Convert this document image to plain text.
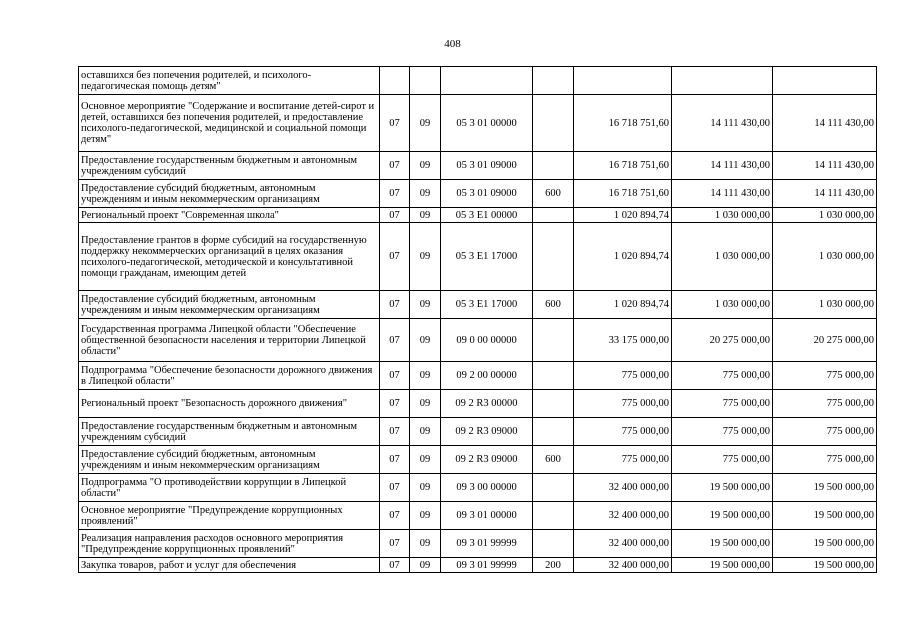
408
оставшихся без попечения родителей, и психолого-педагогическая помощь детям"							
Основное мероприятие "Содержание и воспитание детей-сирот и детей, оставшихся без попечения родителей, и предоставление психолого-педагогической, медицинской и социальной помощи детям"	07	09	05 3 01 00000		16 718 751,60	14 111 430,00	14 111 430,00
Предоставление государственным бюджетным и автономным учреждениям субсидий	07	09	05 3 01 09000		16 718 751,60	14 111 430,00	14 111 430,00
Предоставление субсидий бюджетным, автономным учреждениям и иным некоммерческим организациям	07	09	05 3 01 09000	600	16 718 751,60	14 111 430,00	14 111 430,00
Региональный проект "Современная школа"	07	09	05 3 E1 00000		1 020 894,74	1 030 000,00	1 030 000,00
Предоставление грантов в форме субсидий на государственную поддержку некоммерческих организаций в целях оказания психолого-педагогической, методической и консультативной помощи гражданам, имеющим детей	07	09	05 3 E1 17000		1 020 894,74	1 030 000,00	1 030 000,00
Предоставление субсидий бюджетным, автономным учреждениям и иным некоммерческим организациям	07	09	05 3 E1 17000	600	1 020 894,74	1 030 000,00	1 030 000,00
Государственная программа Липецкой области "Обеспечение общественной безопасности населения и территории Липецкой области"	07	09	09 0 00 00000		33 175 000,00	20 275 000,00	20 275 000,00
Подпрограмма "Обеспечение безопасности дорожного движения в Липецкой области"	07	09	09 2 00 00000		775 000,00	775 000,00	775 000,00
Региональный проект "Безопасность дорожного движения"	07	09	09 2 R3 00000		775 000,00	775 000,00	775 000,00
Предоставление государственным бюджетным и автономным учреждениям субсидий	07	09	09 2 R3 09000		775 000,00	775 000,00	775 000,00
Предоставление субсидий бюджетным, автономным учреждениям и иным некоммерческим организациям	07	09	09 2 R3 09000	600	775 000,00	775 000,00	775 000,00
Подпрограмма "О противодействии коррупции в Липецкой области"	07	09	09 3 00 00000		32 400 000,00	19 500 000,00	19 500 000,00
Основное мероприятие "Предупреждение коррупционных проявлений"	07	09	09 3 01 00000		32 400 000,00	19 500 000,00	19 500 000,00
Реализация направления расходов основного мероприятия "Предупреждение коррупционных проявлений"	07	09	09 3 01 99999		32 400 000,00	19 500 000,00	19 500 000,00
Закупка товаров, работ и услуг для обеспечения	07	09	09 3 01 99999	200	32 400 000,00	19 500 000,00	19 500 000,00
